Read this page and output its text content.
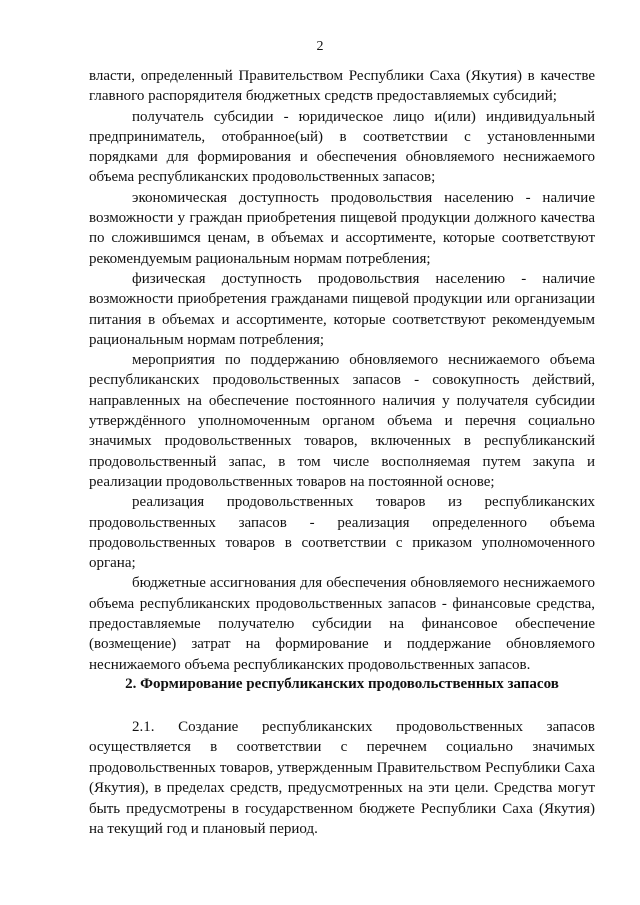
2

власти, определенный Правительством Республики Саха (Якутия) в качестве главного распорядителя бюджетных средств предоставляемых субсидий;

получатель субсидии - юридическое лицо и(или) индивидуальный предприниматель, отобранное(ый) в соответствии с установленными порядками для формирования и обеспечения обновляемого неснижаемого объема республиканских продовольственных запасов;

экономическая доступность продовольствия населению - наличие возможности у граждан приобретения пищевой продукции должного качества по сложившимся ценам, в объемах и ассортименте, которые соответствуют рекомендуемым рациональным нормам потребления;

физическая доступность продовольствия населению - наличие возможности приобретения гражданами пищевой продукции или организации питания в объемах и ассортименте, которые соответствуют рекомендуемым рациональным нормам потребления;

мероприятия по поддержанию обновляемого неснижаемого объема республиканских продовольственных запасов - совокупность действий, направленных на обеспечение постоянного наличия у получателя субсидии утверждённого уполномоченным органом объема и перечня социально значимых продовольственных товаров, включенных в республиканский продовольственный запас, в том числе восполняемая путем закупа и реализации продовольственных товаров на постоянной основе;

реализация продовольственных товаров из республиканских продовольственных запасов - реализация определенного объема продовольственных товаров в соответствии с приказом уполномоченного органа;

бюджетные ассигнования для обеспечения обновляемого неснижаемого объема республиканских продовольственных запасов - финансовые средства, предоставляемые получателю субсидии на финансовое обеспечение (возмещение) затрат на формирование и поддержание обновляемого неснижаемого объема республиканских продовольственных запасов.

2. Формирование республиканских продовольственных запасов

2.1. Создание республиканских продовольственных запасов осуществляется в соответствии с перечнем социально значимых продовольственных товаров, утвержденным Правительством Республики Саха (Якутия), в пределах средств, предусмотренных на эти цели. Средства могут быть предусмотрены в государственном бюджете Республики Саха (Якутия) на текущий год и плановый период.
